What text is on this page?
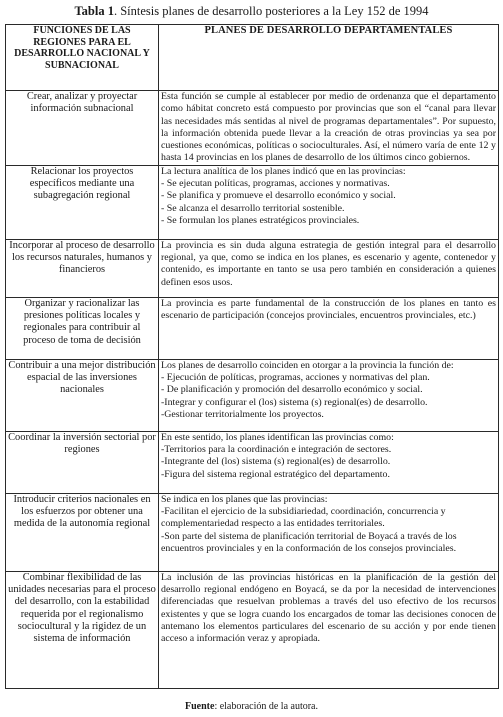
Tabla 1. Síntesis planes de desarrollo posteriores a la Ley 152 de 1994
FUNCIONES DE LAS REGIONES PARA EL DESARROLLO NACIONAL Y SUBNACIONAL	PLANES DE DESARROLLO DEPARTAMENTALES
Crear, analizar y proyectar información subnacional	Esta función se cumple al establecer por medio de ordenanza que el departamento como hábitat concreto está compuesto por provincias que son el “canal para llevar las necesidades más sentidas al nivel de programas departamentales”. Por supuesto, la información obtenida puede llevar a la creación de otras provincias ya sea por cuestiones económicas, políticas o socioculturales. Así, el número varía de ente 12 y hasta 14 provincias en los planes de desarrollo de los últimos cinco gobiernos.
Relacionar los proyectos específicos mediante una subagregación regional	La lectura analítica de los planes indicó que en las provincias:
- Se ejecutan políticas, programas, acciones y normativas.
- Se planifica y promueve el desarrollo económico y social.
- Se alcanza el desarrollo territorial sostenible.
- Se formulan los planes estratégicos provinciales.

Incorporar al proceso de desarrollo los recursos naturales, humanos y financieros	La provincia es sin duda alguna estrategia de gestión integral para el desarrollo regional, ya que, como se indica en los planes, es escenario y agente, contenedor y contenido, es importante en tanto se usa pero también en consideración a quienes definen esos usos.
Organizar y racionalizar las presiones políticas locales y regionales para contribuir al proceso de toma de decisión	La provincia es parte fundamental de la construcción de los planes en tanto es escenario de participación (concejos provinciales, encuentros provinciales, etc.)
Contribuir a una mejor distribución espacial de las inversiones nacionales	Los planes de desarrollo coinciden en otorgar a la provincia la función de:
- Ejecución de políticas, programas, acciones y normativas del plan.
- De planificación y promoción del desarrollo económico y social.
-Integrar y configurar el (los) sistema (s) regional(es) de desarrollo.
-Gestionar territorialmente los proyectos.

Coordinar la inversión sectorial por regiones	En este sentido, los planes identifican las provincias como:
-Territorios para la coordinación e integración de sectores.
-Integrante del (los) sistema (s) regional(es) de desarrollo.
-Figura del sistema regional estratégico del departamento.

Introducir criterios nacionales en los esfuerzos por obtener una medida de la autonomía regional	Se indica en los planes que las provincias:
-Facilitan el ejercicio de la subsidiariedad, coordinación, concurrencia y complementariedad respecto a las entidades territoriales.
-Son parte del sistema de planificación territorial de Boyacá a través de los encuentros provinciales y en la conformación de los consejos provinciales.

Combinar flexibilidad de las unidades necesarias para el proceso del desarrollo, con la estabilidad requerida por el regionalismo sociocultural y la rigidez de un sistema de información	La inclusión de las provincias históricas en la planificación de la gestión del desarrollo regional endógeno en Boyacá, se da por la necesidad de intervenciones diferenciadas que resuelvan problemas a través del uso efectivo de los recursos existentes y que se logra cuando los encargados de tomar las decisiones conocen de antemano los elementos particulares del escenario de su acción y por ende tienen acceso a información veraz y apropiada.
Fuente: elaboración de la autora.
